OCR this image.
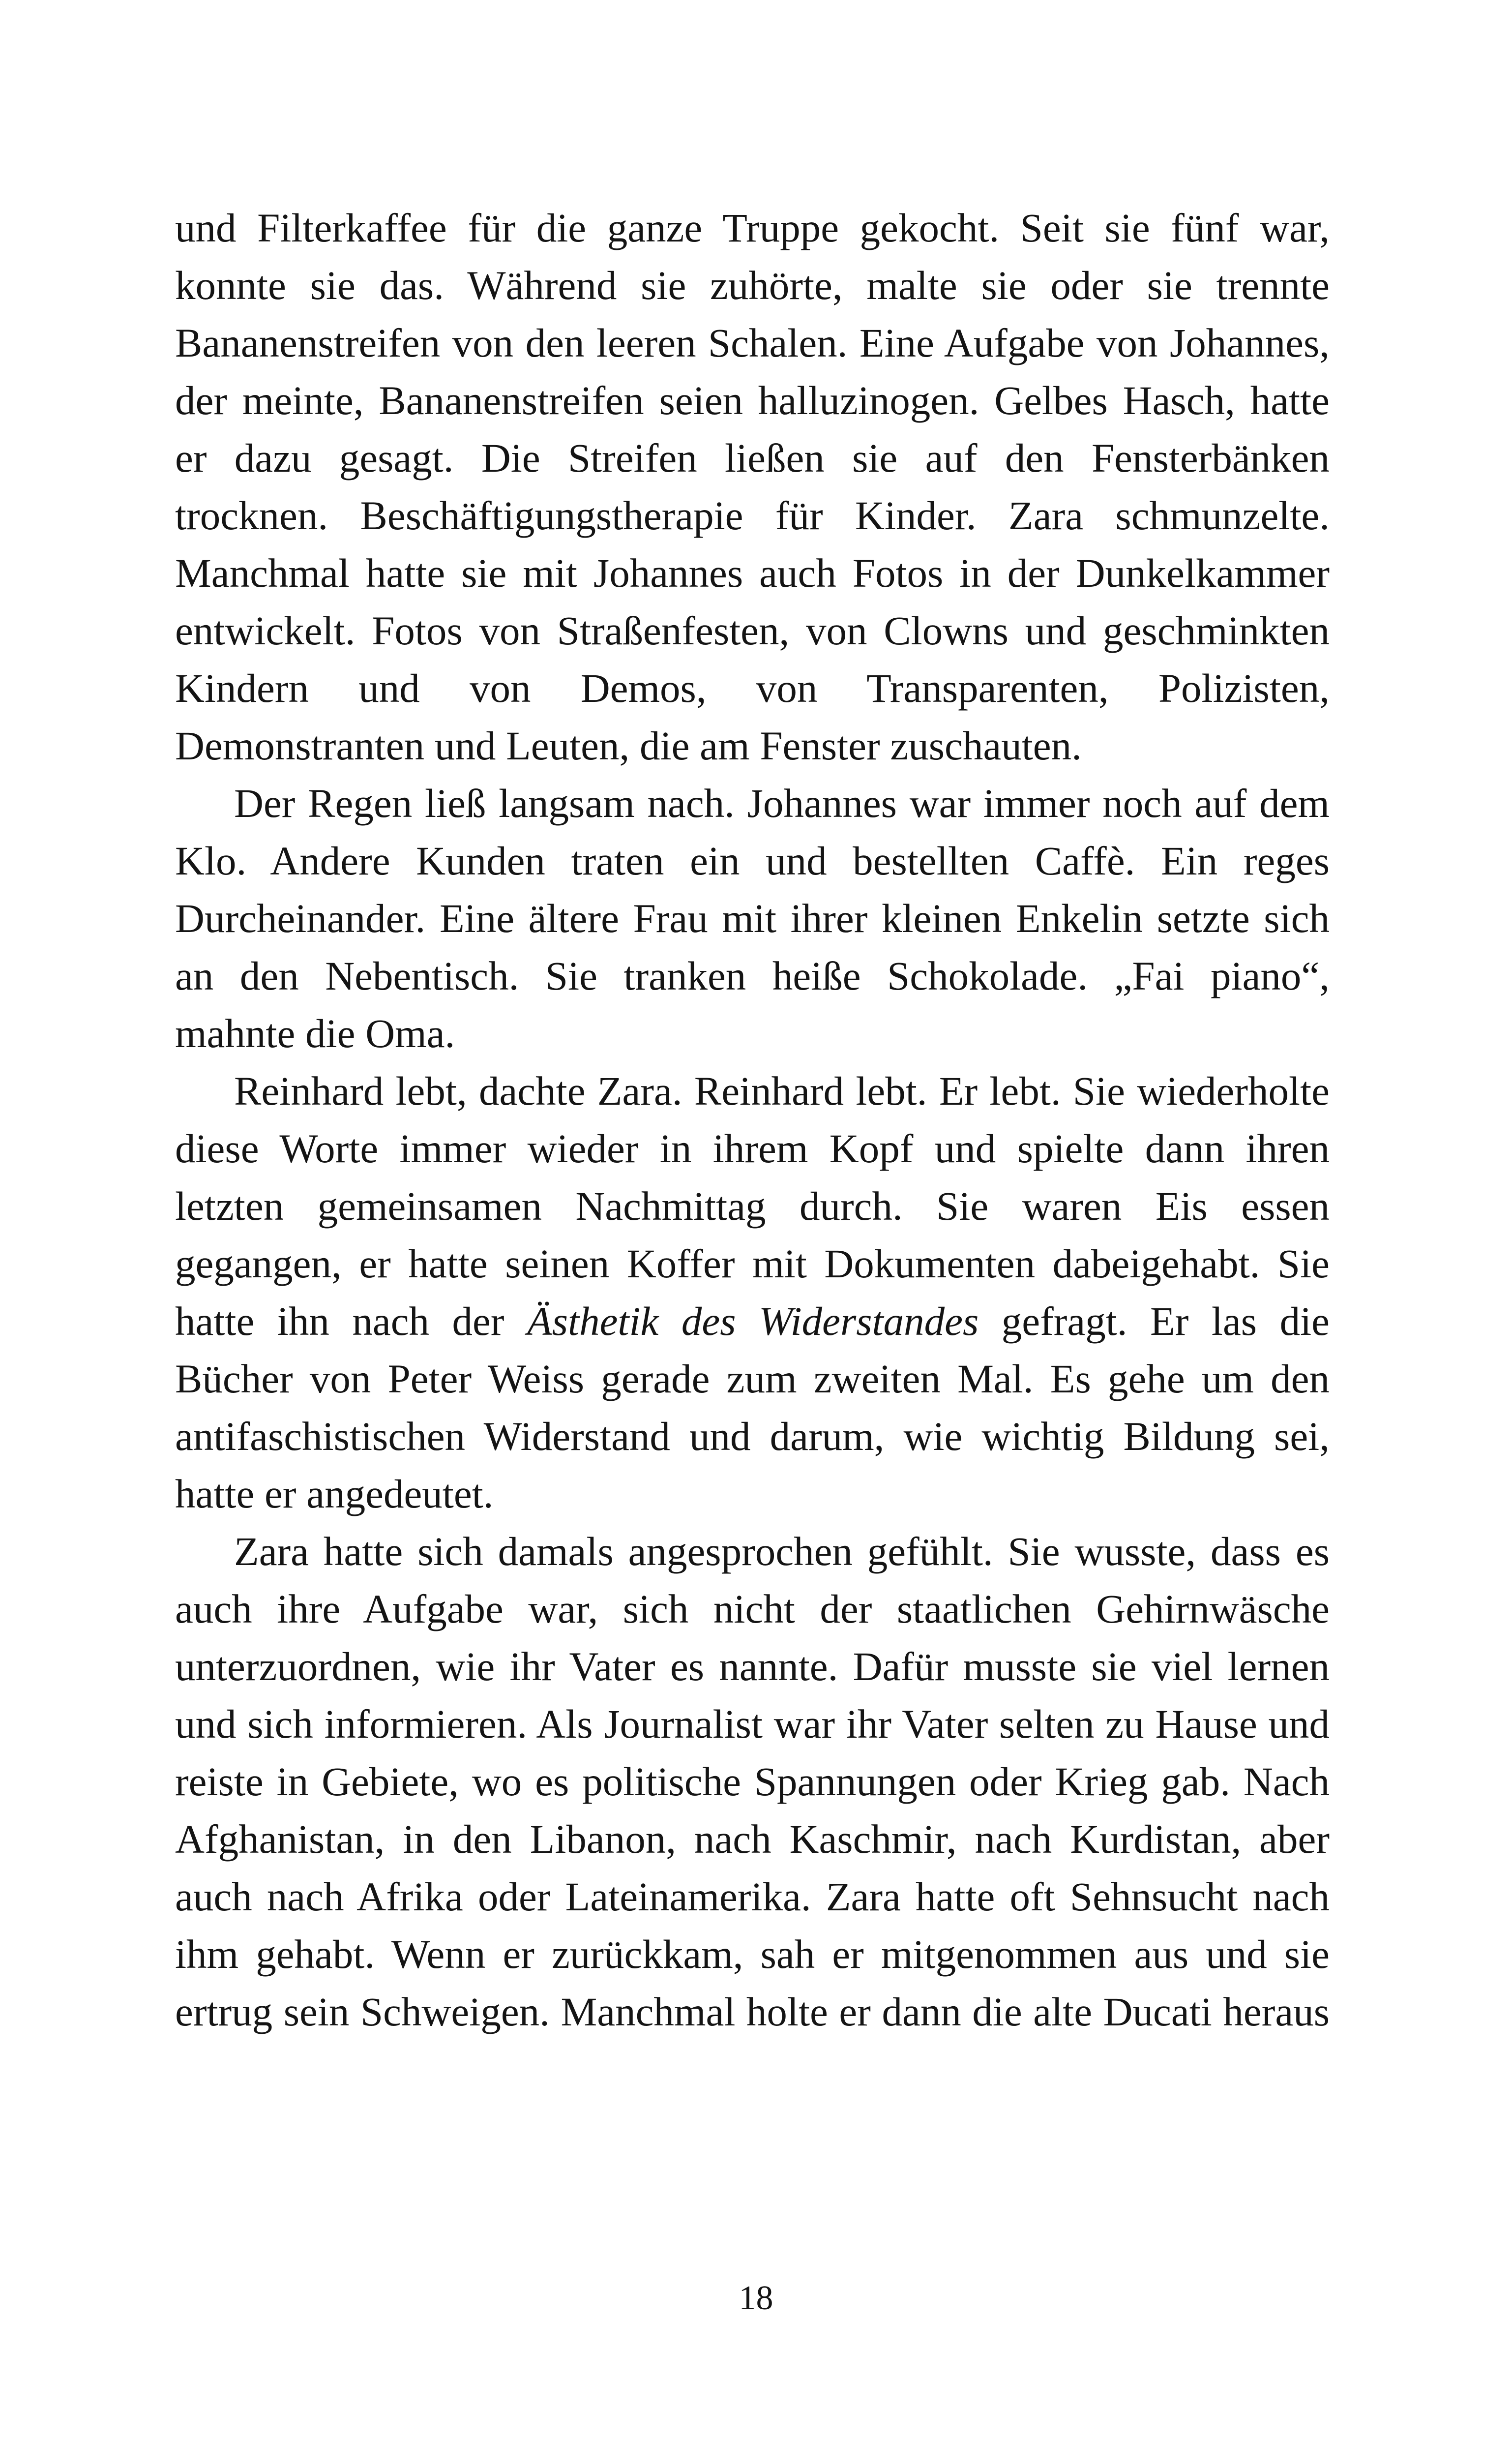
und Filterkaffee für die ganze Truppe gekocht. Seit sie fünf war, konnte sie das. Während sie zuhörte, malte sie oder sie trennte Bananenstreifen von den leeren Schalen. Eine Aufgabe von Johannes, der meinte, Bananenstreifen seien halluzinogen. Gelbes Hasch, hatte er dazu gesagt. Die Streifen ließen sie auf den Fensterbänken trocknen. Beschäftigungstherapie für Kinder. Zara schmunzelte. Manchmal hatte sie mit Johannes auch Fotos in der Dunkelkammer entwickelt. Fotos von Straßenfesten, von Clowns und geschminkten Kindern und von Demos, von Transparenten, Polizisten, Demonstranten und Leuten, die am Fenster zuschauten.

Der Regen ließ langsam nach. Johannes war immer noch auf dem Klo. Andere Kunden traten ein und bestellten Caffè. Ein reges Durcheinander. Eine ältere Frau mit ihrer kleinen Enkelin setzte sich an den Nebentisch. Sie tranken heiße Schokolade. „Fai piano“, mahnte die Oma.

Reinhard lebt, dachte Zara. Reinhard lebt. Er lebt. Sie wiederholte diese Worte immer wieder in ihrem Kopf und spielte dann ihren letzten gemeinsamen Nachmittag durch. Sie waren Eis essen gegangen, er hatte seinen Koffer mit Dokumenten dabeigehabt. Sie hatte ihn nach der Ästhetik des Widerstandes gefragt. Er las die Bücher von Peter Weiss gerade zum zweiten Mal. Es gehe um den antifaschistischen Widerstand und darum, wie wichtig Bildung sei, hatte er angedeutet.

Zara hatte sich damals angesprochen gefühlt. Sie wusste, dass es auch ihre Aufgabe war, sich nicht der staatlichen Gehirnwäsche unterzuordnen, wie ihr Vater es nannte. Dafür musste sie viel lernen und sich informieren. Als Journalist war ihr Vater selten zu Hause und reiste in Gebiete, wo es politische Spannungen oder Krieg gab. Nach Afghanistan, in den Libanon, nach Kaschmir, nach Kurdistan, aber auch nach Afrika oder Lateinamerika. Zara hatte oft Sehnsucht nach ihm gehabt. Wenn er zurückkam, sah er mitgenommen aus und sie ertrug sein Schweigen. Manchmal holte er dann die alte Ducati heraus

18
